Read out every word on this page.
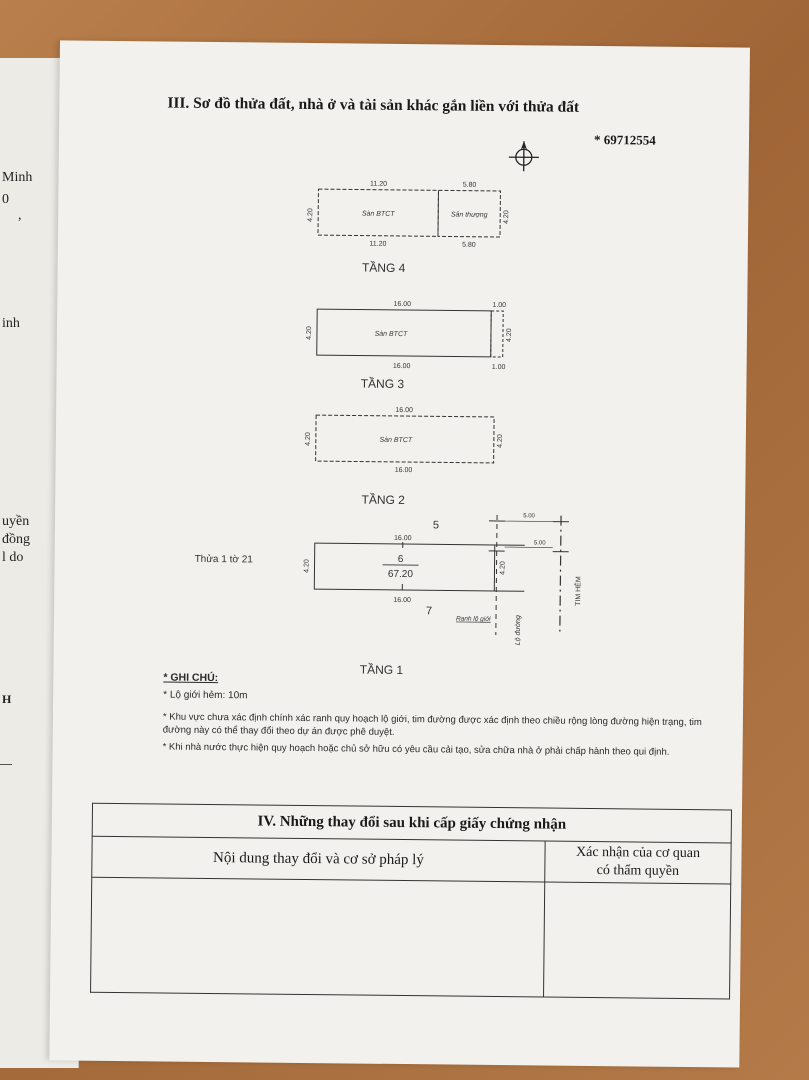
Minh
0
,
inh
uyền
đồng
l do
H
III. Sơ đồ thửa đất, nhà ở và tài sản khác gắn liền với thửa đất
* 69712554
11.20	5.80
11.20	5.80
4.20	4.20
Sàn BTCT	Sân thượng
TẦNG 4
16.00	1.00
16.00	1.00
4.20	4.20
Sàn BTCT
TẦNG 3
16.00
16.00
4.20	4.20
Sàn BTCT
TẦNG 2
Thửa 1 tờ 21
16.00
16.00
4.20	4.20
6
67.20
5
7
5.00
5.00
Ranh lộ giới	Lộ đường
TIM HẺM
TẦNG 1
* GHI CHÚ:
* Lộ giới hẻm: 10m
* Khu vực chưa xác định chính xác ranh quy hoạch lộ giới, tim đường được xác định theo chiều rộng lòng đường hiện trạng, tim đường này có thể thay đổi theo dự án được phê duyệt.
* Khi nhà nước thực hiện quy hoạch hoặc chủ sở hữu có yêu cầu cải tạo, sửa chữa nhà ở phải chấp hành theo qui định.
IV. Những thay đổi sau khi cấp giấy chứng nhận	
Nội dung thay đổi và cơ sở pháp lý	Xác nhận của cơ quan
có thẩm quyền
